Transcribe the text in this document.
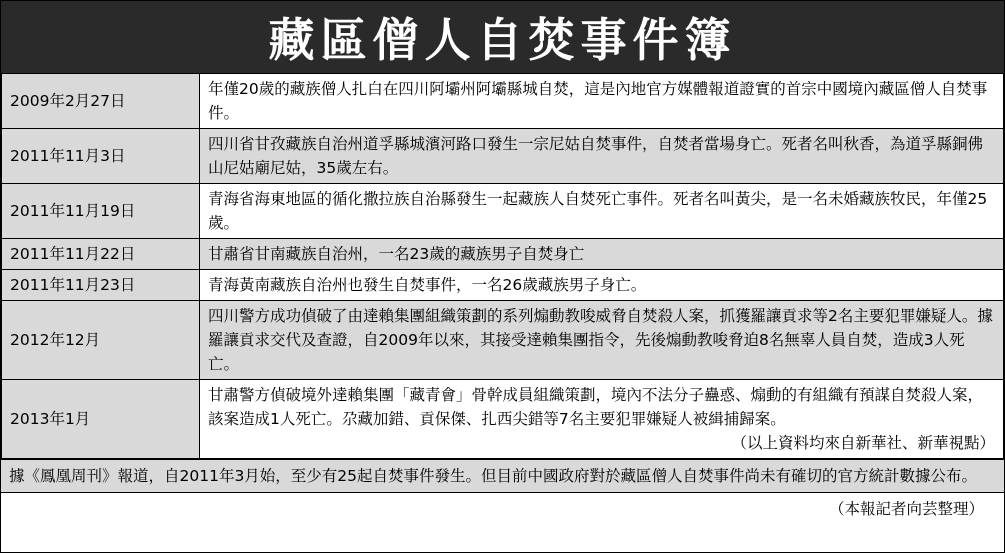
藏區僧人自焚事件簿
2009年2月27日	年僅20歲的藏族僧人扎白在四川阿壩州阿壩縣城自焚，這是內地官方媒體報道證實的首宗中國境內藏區僧人自焚事件。
2011年11月3日	四川省甘孜藏族自治州道孚縣城濱河路口發生一宗尼姑自焚事件，自焚者當場身亡。死者名叫秋香，為道孚縣銅佛山尼姑廟尼姑，35歲左右。
2011年11月19日	青海省海東地區的循化撒拉族自治縣發生一起藏族人自焚死亡事件。死者名叫黃尖，是一名未婚藏族牧民，年僅25歲。
2011年11月22日	甘肅省甘南藏族自治州，一名23歲的藏族男子自焚身亡
2011年11月23日	青海黃南藏族自治州也發生自焚事件，一名26歲藏族男子身亡。
2012年12月	四川警方成功偵破了由達賴集團組織策劃的系列煽動教唆威脅自焚殺人案，抓獲羅讓貢求等2名主要犯罪嫌疑人。據羅讓貢求交代及查證，自2009年以來，其接受達賴集團指令，先後煽動教唆脅迫8名無辜人員自焚，造成3人死亡。
2013年1月	甘肅警方偵破境外達賴集團「藏青會」骨幹成員組織策劃，境內不法分子蠱惑、煽動的有組織有預謀自焚殺人案，該案造成1人死亡。尕藏加錯、貢保傑、扎西尖錯等7名主要犯罪嫌疑人被緝捕歸案。
（以上資料均來自新華社、新華視點）
據《鳳凰周刊》報道，自2011年3月始，至少有25起自焚事件發生。但目前中國政府對於藏區僧人自焚事件尚未有確切的官方統計數據公布。
（本報記者向芸整理）
